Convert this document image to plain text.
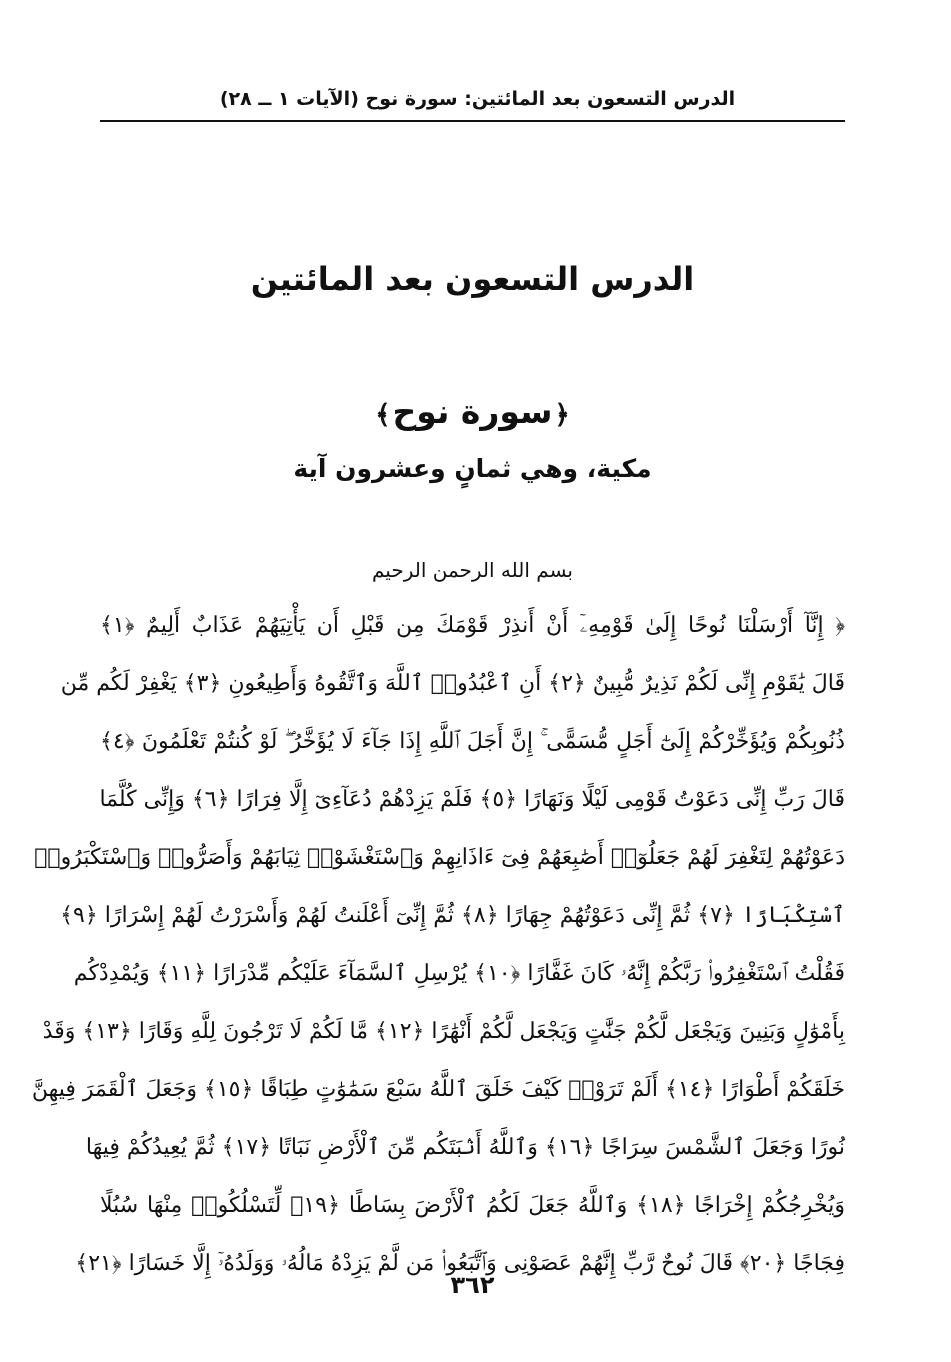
الدرس التسعون بعد المائتين: سورة نوح (الآيات ١ ــ ٢٨)
الدرس التسعون بعد المائتين
﴿سورة نوح﴾
مكية، وهي ثمانٍ وعشرون آية
بسم الله الرحمن الرحيم
﴿ إِنَّآ أَرْسَلْنَا نُوحًا إِلَىٰ قَوْمِهِۦٓ أَنْ أَنذِرْ قَوْمَكَ مِن قَبْلِ أَن يَأْتِيَهُمْ عَذَابٌ أَلِيمٌ ﴿١﴾
قَالَ يَٰقَوْمِ إِنِّى لَكُمْ نَذِيرٌ مُّبِينٌ ﴿٢﴾ أَنِ ٱعْبُدُوا۟ ٱللَّهَ وَٱتَّقُوهُ وَأَطِيعُونِ ﴿٣﴾ يَغْفِرْ لَكُم مِّن
ذُنُوبِكُمْ وَيُؤَخِّرْكُمْ إِلَىٰٓ أَجَلٍ مُّسَمًّى ۚ إِنَّ أَجَلَ ٱللَّهِ إِذَا جَآءَ لَا يُؤَخَّرُ ۖ لَوْ كُنتُمْ تَعْلَمُونَ ﴿٤﴾
قَالَ رَبِّ إِنِّى دَعَوْتُ قَوْمِى لَيْلًا وَنَهَارًا ﴿٥﴾ فَلَمْ يَزِدْهُمْ دُعَآءِىٓ إِلَّا فِرَارًا ﴿٦﴾ وَإِنِّى كُلَّمَا
دَعَوْتُهُمْ لِتَغْفِرَ لَهُمْ جَعَلُوٓا۟ أَصَٰبِعَهُمْ فِىٓ ءَاذَانِهِمْ وَٱسْتَغْشَوْا۟ ثِيَابَهُمْ وَأَصَرُّوا۟ وَٱسْتَكْبَرُوا۟
ٱسْتِكْبَارًا ﴿٧﴾ ثُمَّ إِنِّى دَعَوْتُهُمْ جِهَارًا ﴿٨﴾ ثُمَّ إِنِّىٓ أَعْلَنتُ لَهُمْ وَأَسْرَرْتُ لَهُمْ إِسْرَارًا ﴿٩﴾
فَقُلْتُ ٱسْتَغْفِرُوا۟ رَبَّكُمْ إِنَّهُۥ كَانَ غَفَّارًا ﴿١٠﴾ يُرْسِلِ ٱلسَّمَآءَ عَلَيْكُم مِّدْرَارًا ﴿١١﴾ وَيُمْدِدْكُم
بِأَمْوَٰلٍ وَبَنِينَ وَيَجْعَل لَّكُمْ جَنَّٰتٍ وَيَجْعَل لَّكُمْ أَنْهَٰرًا ﴿١٢﴾ مَّا لَكُمْ لَا تَرْجُونَ لِلَّهِ وَقَارًا ﴿١٣﴾ وَقَدْ
خَلَقَكُمْ أَطْوَارًا ﴿١٤﴾ أَلَمْ تَرَوْا۟ كَيْفَ خَلَقَ ٱللَّهُ سَبْعَ سَمَٰوَٰتٍ طِبَاقًا ﴿١٥﴾ وَجَعَلَ ٱلْقَمَرَ فِيهِنَّ
نُورًا وَجَعَلَ ٱلشَّمْسَ سِرَاجًا ﴿١٦﴾ وَٱللَّهُ أَنۢبَتَكُم مِّنَ ٱلْأَرْضِ نَبَاتًا ﴿١٧﴾ ثُمَّ يُعِيدُكُمْ فِيهَا
وَيُخْرِجُكُمْ إِخْرَاجًا ﴿١٨﴾ وَٱللَّهُ جَعَلَ لَكُمُ ٱلْأَرْضَ بِسَاطًا ﴿١٩﴾ لِّتَسْلُكُوا۟ مِنْهَا سُبُلًا
فِجَاجًا ﴿٢٠﴾ قَالَ نُوحٌ رَّبِّ إِنَّهُمْ عَصَوْنِى وَٱتَّبَعُوا۟ مَن لَّمْ يَزِدْهُ مَالُهُۥ وَوَلَدُهُۥٓ إِلَّا خَسَارًا ﴿٢١﴾
٣٦٢
